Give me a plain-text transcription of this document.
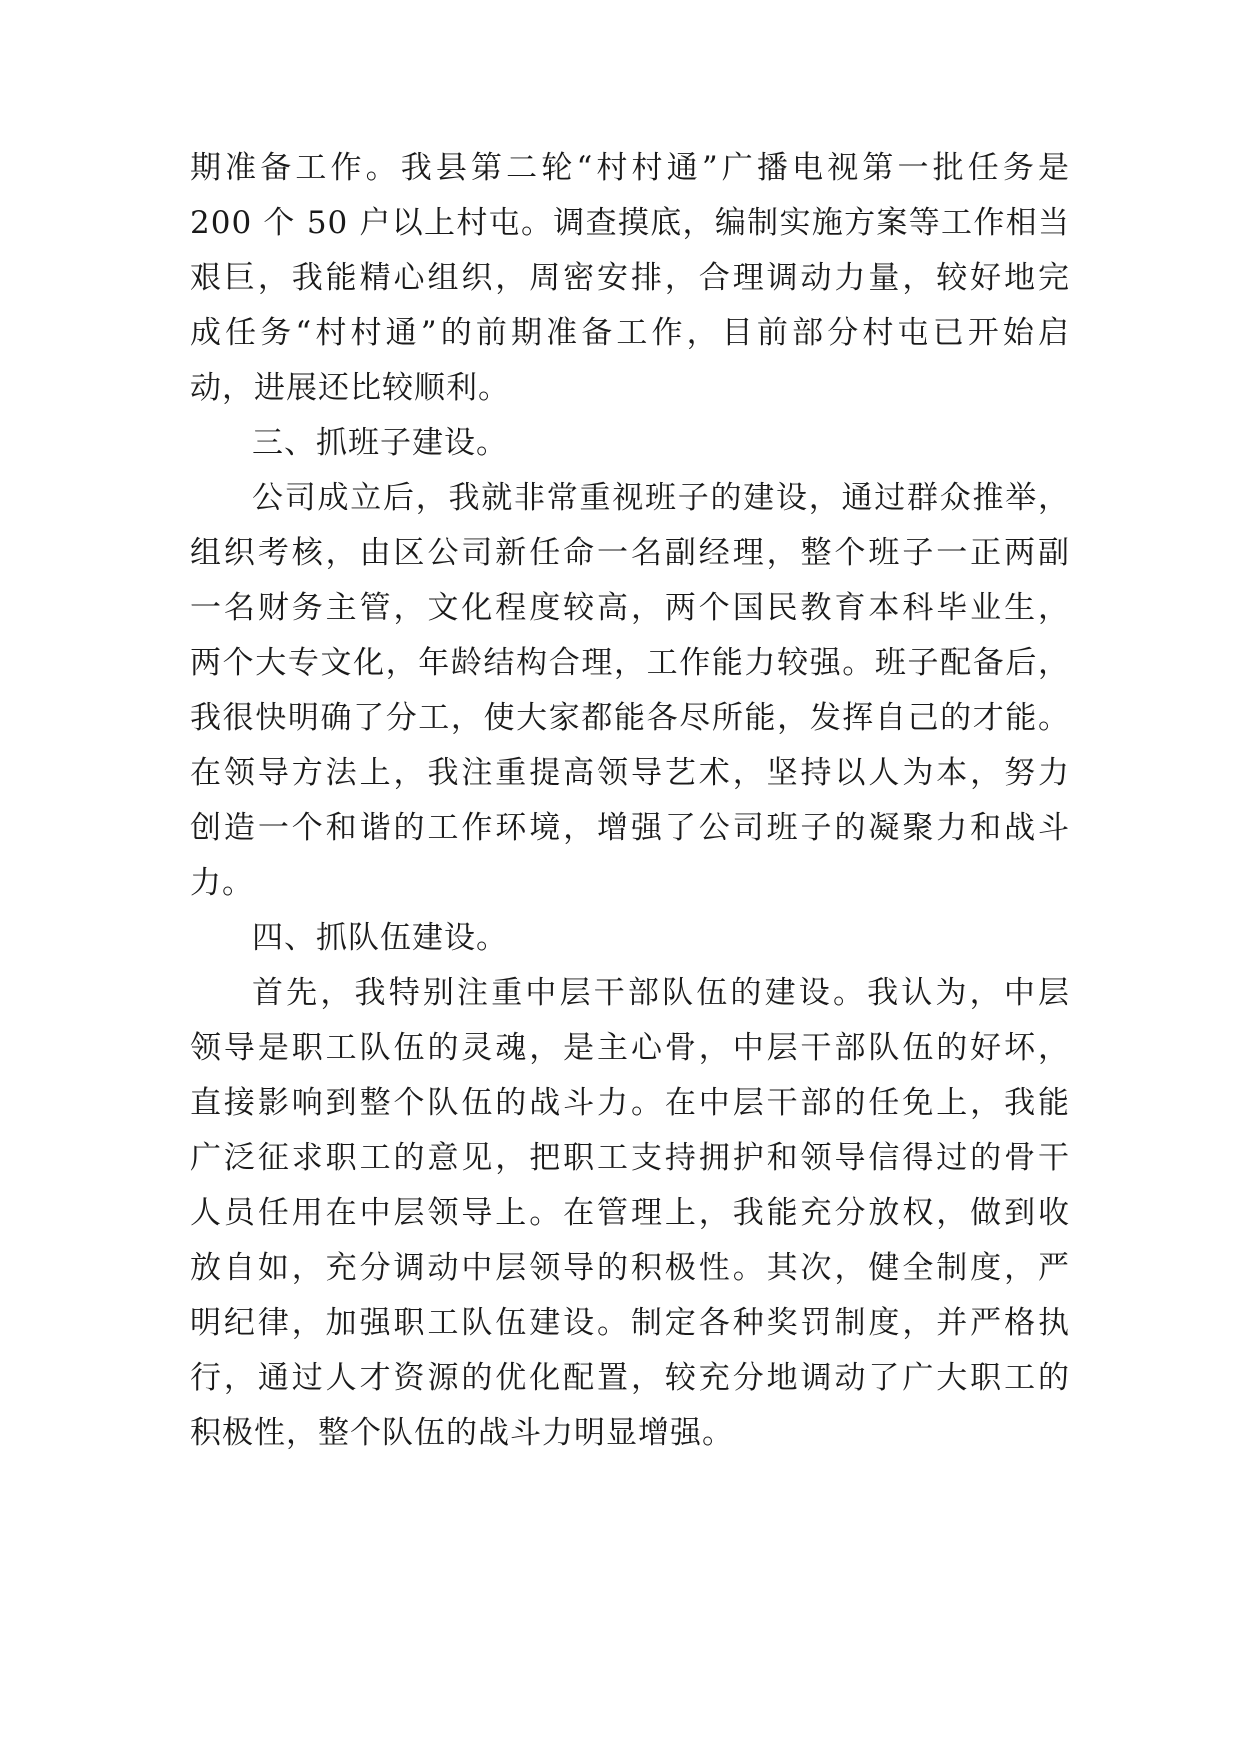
期准备工作。我县第二轮“村村通”广播电视第一批任务是
200 个 50 户以上村屯。调查摸底，编制实施方案等工作相当
艰巨，我能精心组织，周密安排，合理调动力量，较好地完
成任务“村村通”的前期准备工作，目前部分村屯已开始启
动，进展还比较顺利。
三、抓班子建设。
公司成立后，我就非常重视班子的建设，通过群众推举，
组织考核，由区公司新任命一名副经理，整个班子一正两副
一名财务主管，文化程度较高，两个国民教育本科毕业生，
两个大专文化，年龄结构合理，工作能力较强。班子配备后，
我很快明确了分工，使大家都能各尽所能，发挥自己的才能。
在领导方法上，我注重提高领导艺术，坚持以人为本，努力
创造一个和谐的工作环境，增强了公司班子的凝聚力和战斗
力。
四、抓队伍建设。
首先，我特别注重中层干部队伍的建设。我认为，中层
领导是职工队伍的灵魂，是主心骨，中层干部队伍的好坏，
直接影响到整个队伍的战斗力。在中层干部的任免上，我能
广泛征求职工的意见，把职工支持拥护和领导信得过的骨干
人员任用在中层领导上。在管理上，我能充分放权，做到收
放自如，充分调动中层领导的积极性。其次，健全制度，严
明纪律，加强职工队伍建设。制定各种奖罚制度，并严格执
行，通过人才资源的优化配置，较充分地调动了广大职工的
积极性，整个队伍的战斗力明显增强。
